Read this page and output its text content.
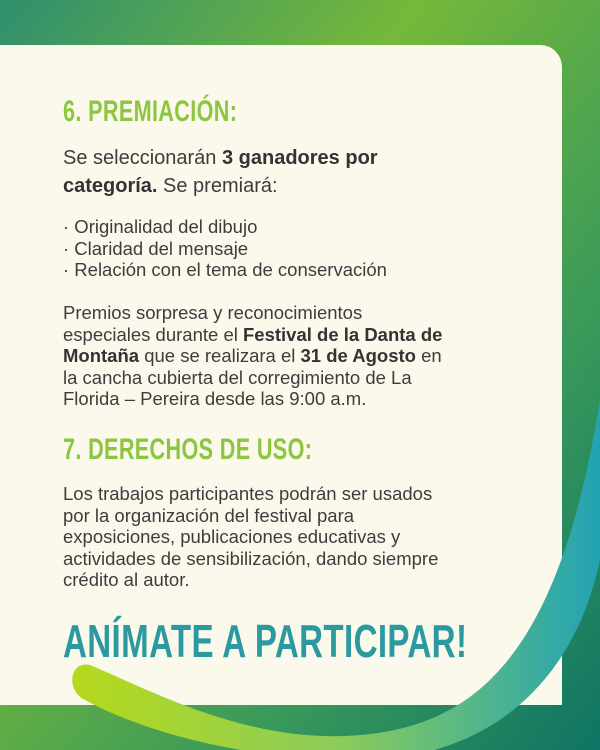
6. PREMIACIÓN:
Se seleccionarán 3 ganadores por
categoría. Se premiará:
· Originalidad del dibujo
· Claridad del mensaje
· Relación con el tema de conservación
Premios sorpresa y reconocimientos
especiales durante el Festival de la Danta de
Montaña que se realizara el 31 de Agosto en
la cancha cubierta del corregimiento de La
Florida – Pereira desde las 9:00 a.m.
7. DERECHOS DE USO:
Los trabajos participantes podrán ser usados
por la organización del festival para
exposiciones, publicaciones educativas y
actividades de sensibilización, dando siempre
crédito al autor.
ANÍMATE A PARTICIPAR!
